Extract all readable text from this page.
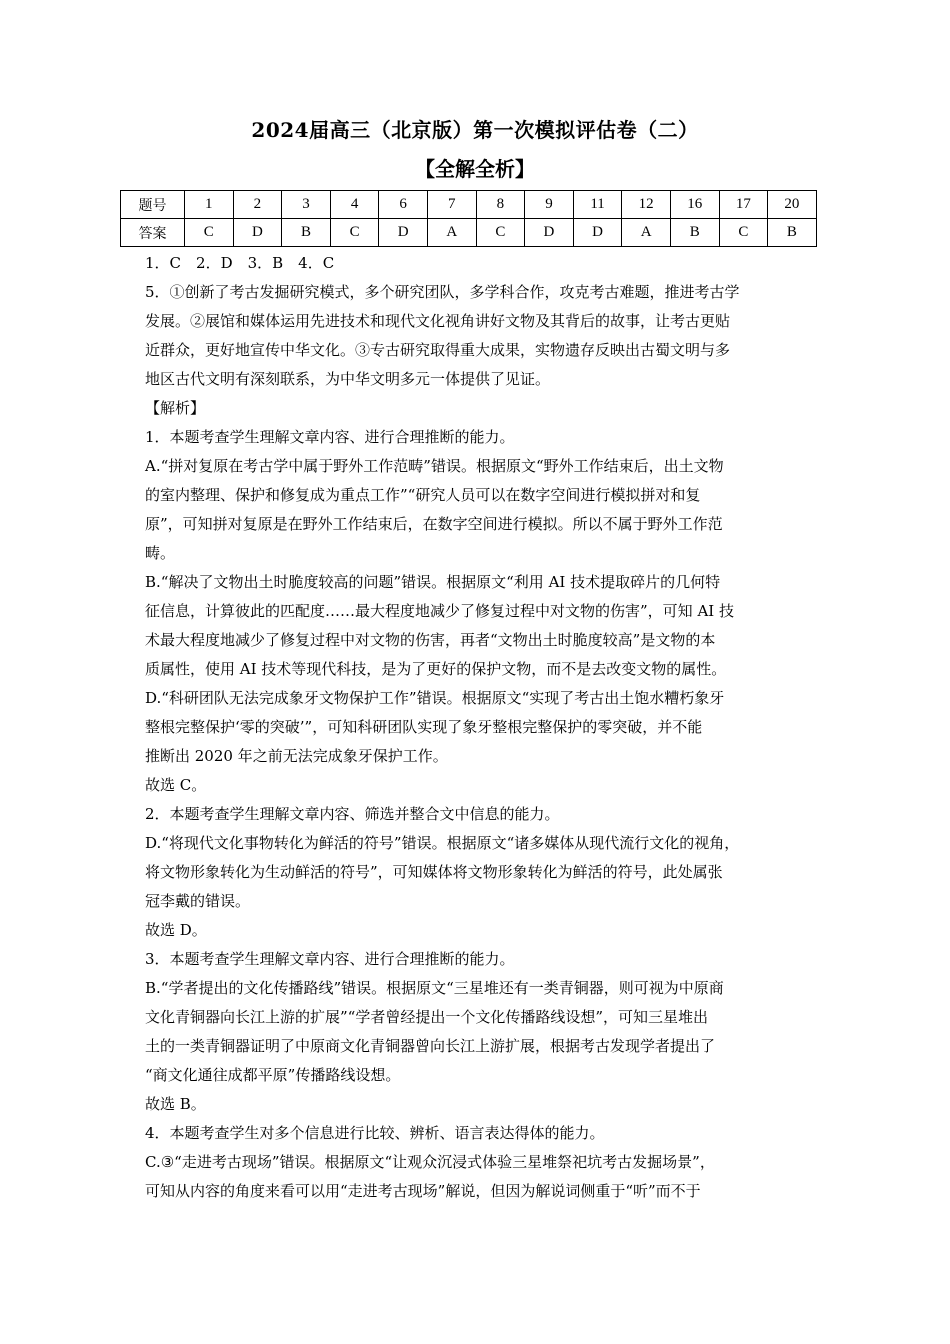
2024届高三（北京版）第一次模拟评估卷（二）
【全解全析】
题号	1	2	3	4	6	7	8	9	11	12	16	17	20
答案	C	D	B	C	D	A	C	D	D	A	B	C	B

1．C　2．D　3．B　4．C

5．①创新了考古发掘研究模式，多个研究团队，多学科合作，攻克考古难题，推进考古学

发展。②展馆和媒体运用先进技术和现代文化视角讲好文物及其背后的故事，让考古更贴

近群众，更好地宣传中华文化。③专古研究取得重大成果，实物遗存反映出古蜀文明与多

地区古代文明有深刻联系，为中华文明多元一体提供了见证。

【解析】

1．本题考查学生理解文章内容、进行合理推断的能力。

A.“拼对复原在考古学中属于野外工作范畴”错误。根据原文“野外工作结束后，出土文物

的室内整理、保护和修复成为重点工作”“研究人员可以在数字空间进行模拟拼对和复

原”，可知拼对复原是在野外工作结束后，在数字空间进行模拟。所以不属于野外工作范

畴。

B.“解决了文物出土时脆度较高的问题”错误。根据原文“利用 AI 技术提取碎片的几何特

征信息，计算彼此的匹配度……最大程度地减少了修复过程中对文物的伤害”，可知 AI 技

术最大程度地减少了修复过程中对文物的伤害，再者“文物出土时脆度较高”是文物的本

质属性，使用 AI 技术等现代科技，是为了更好的保护文物，而不是去改变文物的属性。

D.“科研团队无法完成象牙文物保护工作”错误。根据原文“实现了考古出土饱水糟朽象牙

整根完整保护‘零的突破’”，可知科研团队实现了象牙整根完整保护的零突破，并不能

推断出 2020 年之前无法完成象牙保护工作。

故选 C。

2．本题考查学生理解文章内容、筛选并整合文中信息的能力。

D.“将现代文化事物转化为鲜活的符号”错误。根据原文“诸多媒体从现代流行文化的视角，

将文物形象转化为生动鲜活的符号”，可知媒体将文物形象转化为鲜活的符号，此处属张

冠李戴的错误。

故选 D。

3．本题考查学生理解文章内容、进行合理推断的能力。

B.“学者提出的文化传播路线”错误。根据原文“三星堆还有一类青铜器，则可视为中原商

文化青铜器向长江上游的扩展”“学者曾经提出一个文化传播路线设想”，可知三星堆出

土的一类青铜器证明了中原商文化青铜器曾向长江上游扩展，根据考古发现学者提出了

“商文化通往成都平原”传播路线设想。

故选 B。

4．本题考查学生对多个信息进行比较、辨析、语言表达得体的能力。

C.③“走进考古现场”错误。根据原文“让观众沉浸式体验三星堆祭祀坑考古发掘场景”，

可知从内容的角度来看可以用“走进考古现场”解说，但因为解说词侧重于“听”而不于
